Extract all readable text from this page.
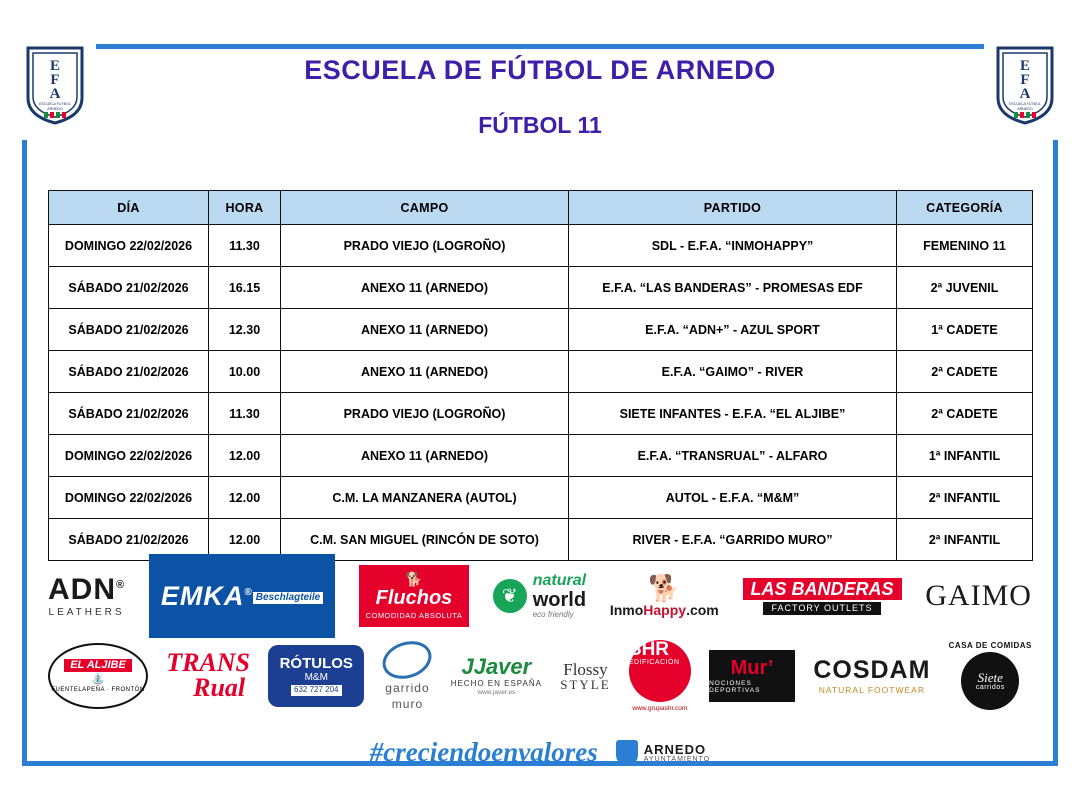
E
F
A
ESCUELA FUTBOL
ARNEDO
E
F
A
ESCUELA FUTBOL
ARNEDO
ESCUELA DE FÚTBOL DE ARNEDO
FÚTBOL 11
DÍA	HORA	CAMPO	PARTIDO	CATEGORÍA
DOMINGO 22/02/2026	11.30	PRADO VIEJO (LOGROÑO)	SDL - E.F.A. “INMOHAPPY”	FEMENINO 11
SÁBADO 21/02/2026	16.15	ANEXO 11 (ARNEDO)	E.F.A. “LAS BANDERAS” - PROMESAS EDF	2ª JUVENIL
SÁBADO 21/02/2026	12.30	ANEXO 11 (ARNEDO)	E.F.A. “ADN+” - AZUL SPORT	1ª CADETE
SÁBADO 21/02/2026	10.00	ANEXO 11 (ARNEDO)	E.F.A. “GAIMO” - RIVER	2ª CADETE
SÁBADO 21/02/2026	11.30	PRADO VIEJO (LOGROÑO)	SIETE INFANTES - E.F.A. “EL ALJIBE”	2ª CADETE
DOMINGO 22/02/2026	12.00	ANEXO 11 (ARNEDO)	E.F.A. “TRANSRUAL” - ALFARO	1ª INFANTIL
DOMINGO 22/02/2026	12.00	C.M. LA MANZANERA (AUTOL)	AUTOL - E.F.A. “M&M”	2ª INFANTIL
SÁBADO 21/02/2026	12.00	C.M. SAN MIGUEL (RINCÓN DE SOTO)	RIVER - E.F.A. “GARRIDO MURO”	2ª INFANTIL
ADN®
LEATHERS
EMKA® Beschlagteile
🐕
Fluchos
COMODIDAD ABSOLUTA
❦
natural
world
eco friendly
🐕
InmoHappy.com
LAS BANDERAS
FACTORY OUTLETS GAIMO
EL ALJIBE
⛲
FUENTELAPEÑA · FRONTÓN
TRANS
Rual
RÓTULOS
M&M
632 727 204	garrido
muro
JJaver
HECHO EN ESPAÑA
www.javer.es
Flossy
STYLE
SHR
EDIFICACIÓN
www.grupashr.com
Mur’
NOCIONES DEPORTIVAS
COSDAM
NATURAL FOOTWEAR
CASA DE COMIDAS
Siete
carridos
#creciendoenvalores	ARNEDO
AYUNTAMIENTO
